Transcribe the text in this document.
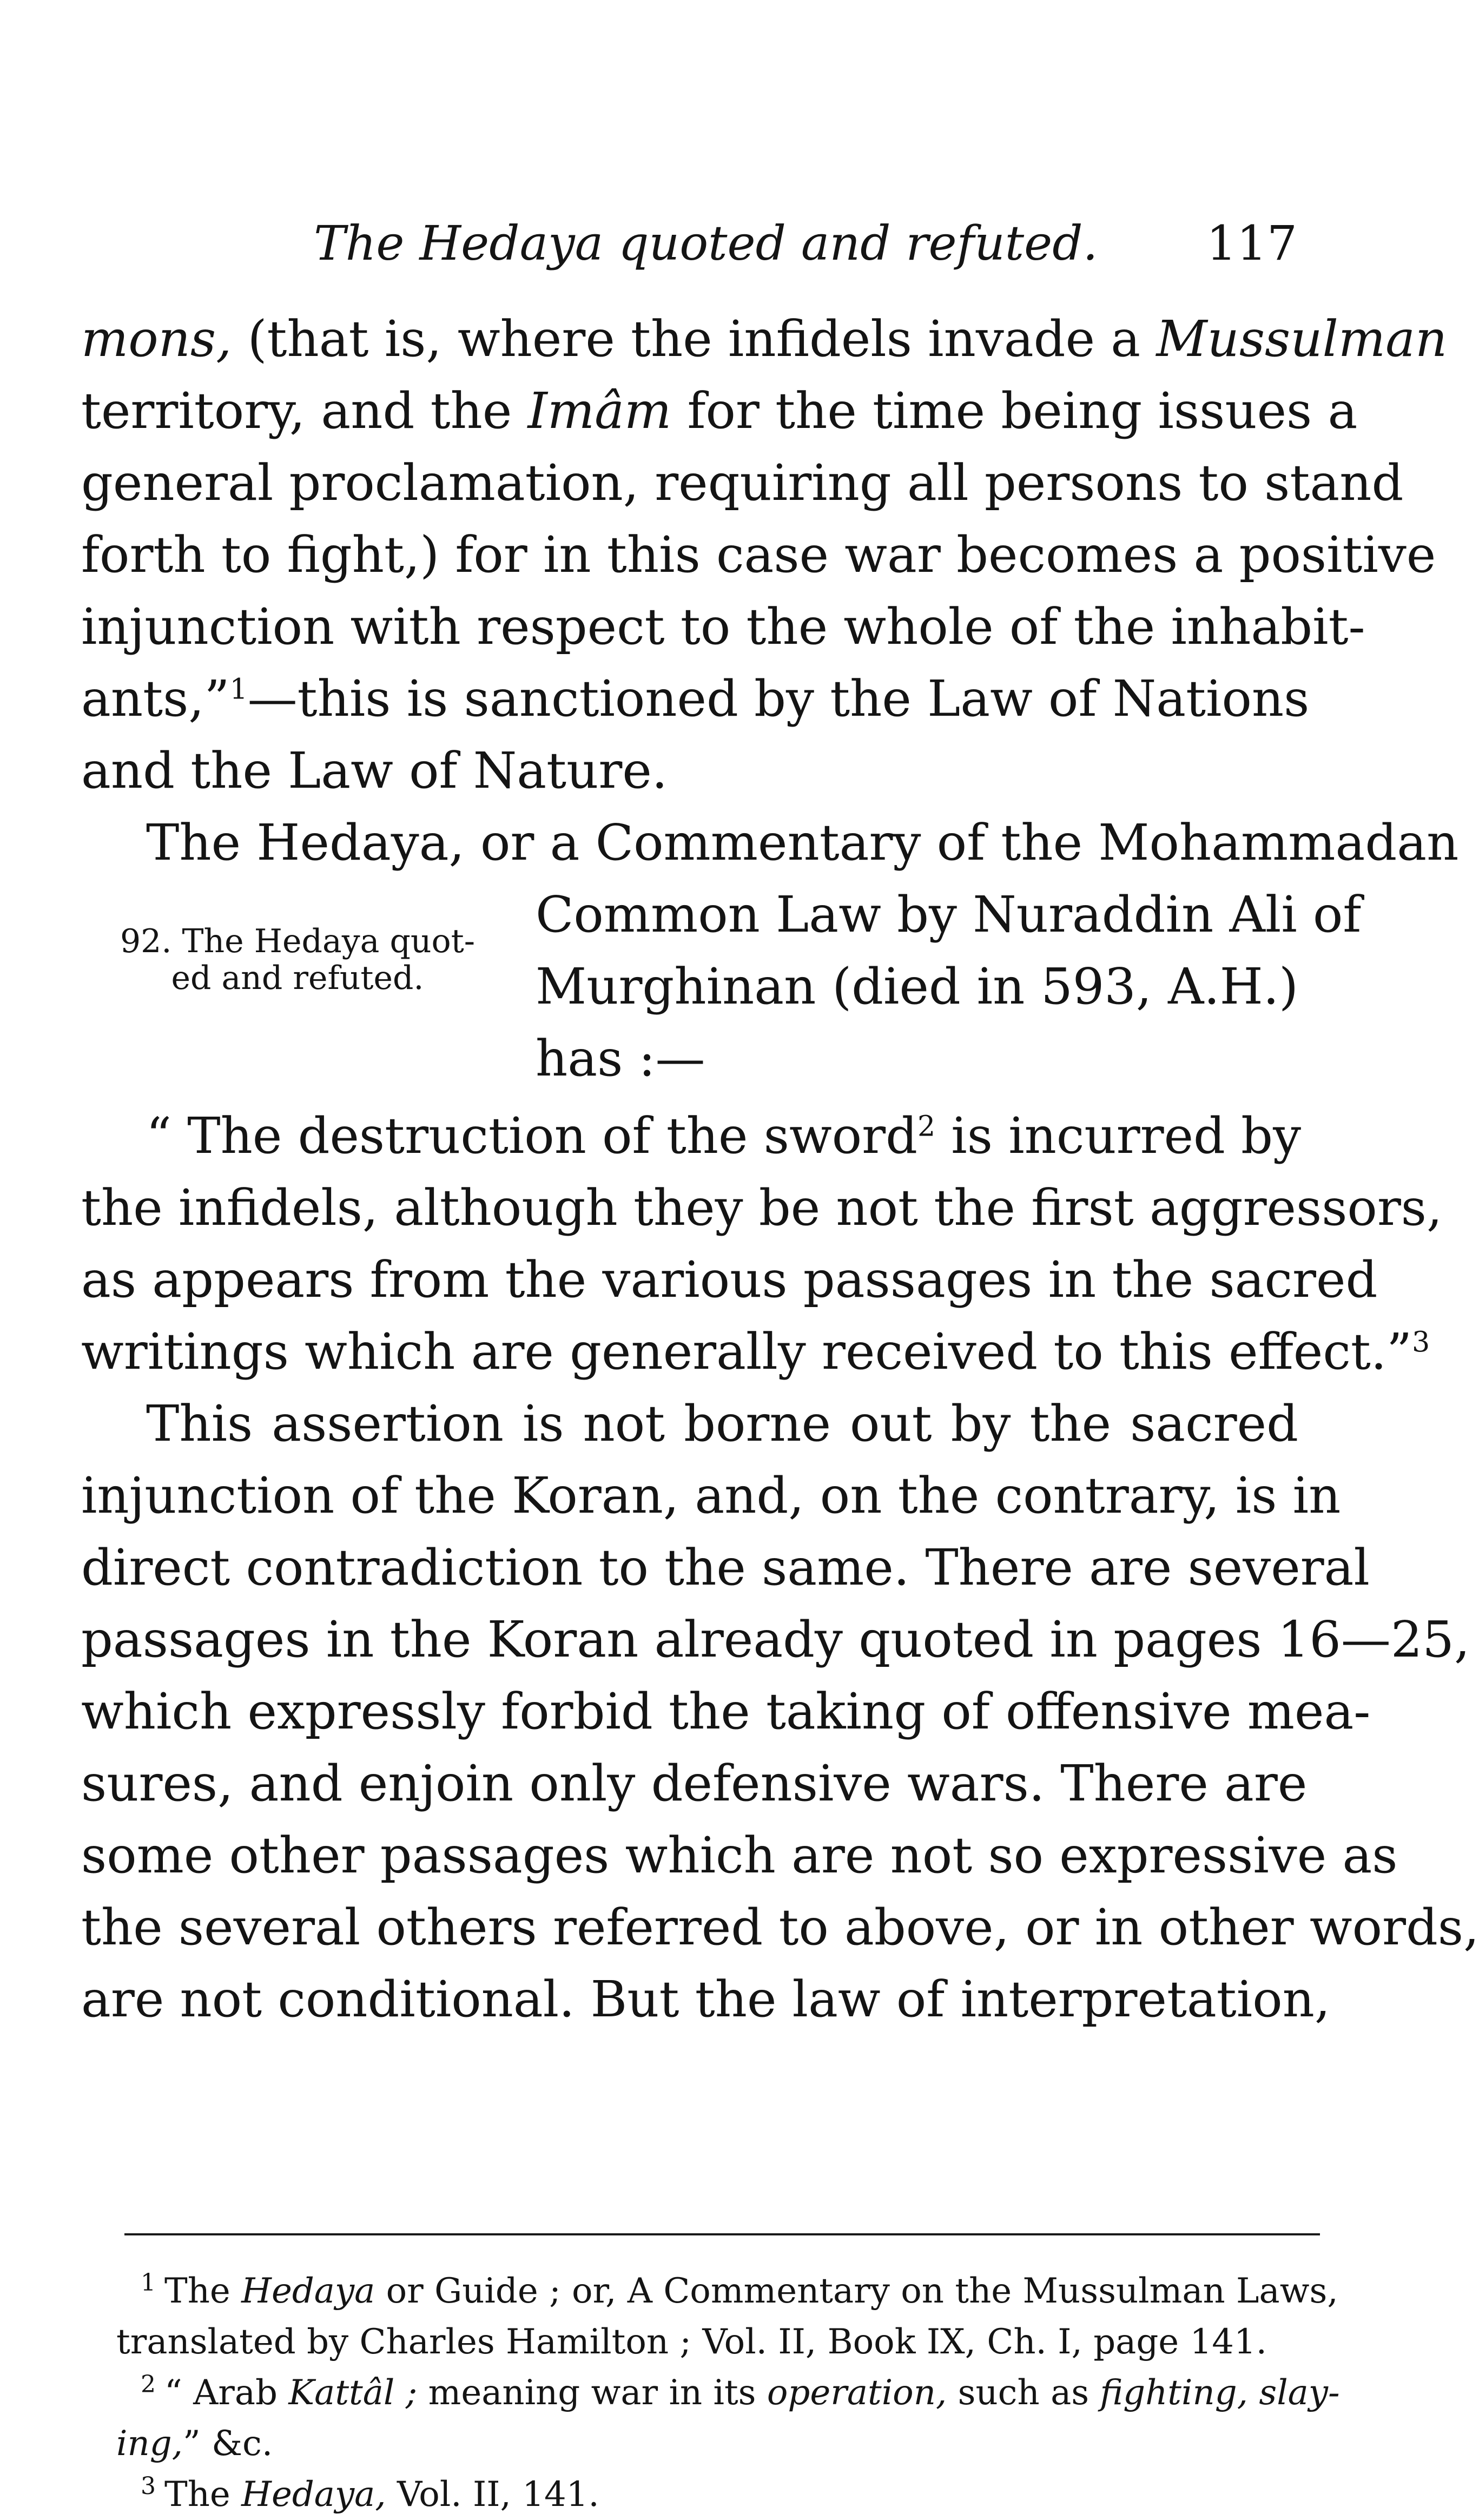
The Hedaya quoted and refuted. 117
mons, (that is, where the infidels invade a Mussulman
territory, and the Imâm for the time being issues a
general proclamation, requiring all persons to stand
forth to fight,) for in this case war becomes a positive
injunction with respect to the whole of the inhabit-
ants,”$^1$—this is sanctioned by the Law of Nations
and the Law of Nature.
The Hedaya, or a Commentary of the Mohammadan
Common Law by Nuraddin Ali of
Murghinan (died in 593, A.H.)
has :—
92. The Hedaya quot-
ed and refuted.
“ The destruction of the sword$^2$ is incurred by
the infidels, although they be not the first aggressors,
as appears from the various passages in the sacred
writings which are generally received to this effect.”$^3$
This assertion is not borne out by the sacred
injunction of the Koran, and, on the contrary, is in
direct contradiction to the same. There are several
passages in the Koran already quoted in pages 16—25,
which expressly forbid the taking of offensive mea-
sures, and enjoin only defensive wars. There are
some other passages which are not so expressive as
the several others referred to above, or in other words,
are not conditional. But the law of interpretation,
$^1$ The Hedaya or Guide ; or, A Commentary on the Mussulman Laws,
translated by Charles Hamilton ; Vol. II, Book IX, Ch. I, page 141.
$^2$ “ Arab Kattâl ; meaning war in its operation, such as fighting, slay-
ing,” &c.
$^3$ The Hedaya, Vol. II, 141.
